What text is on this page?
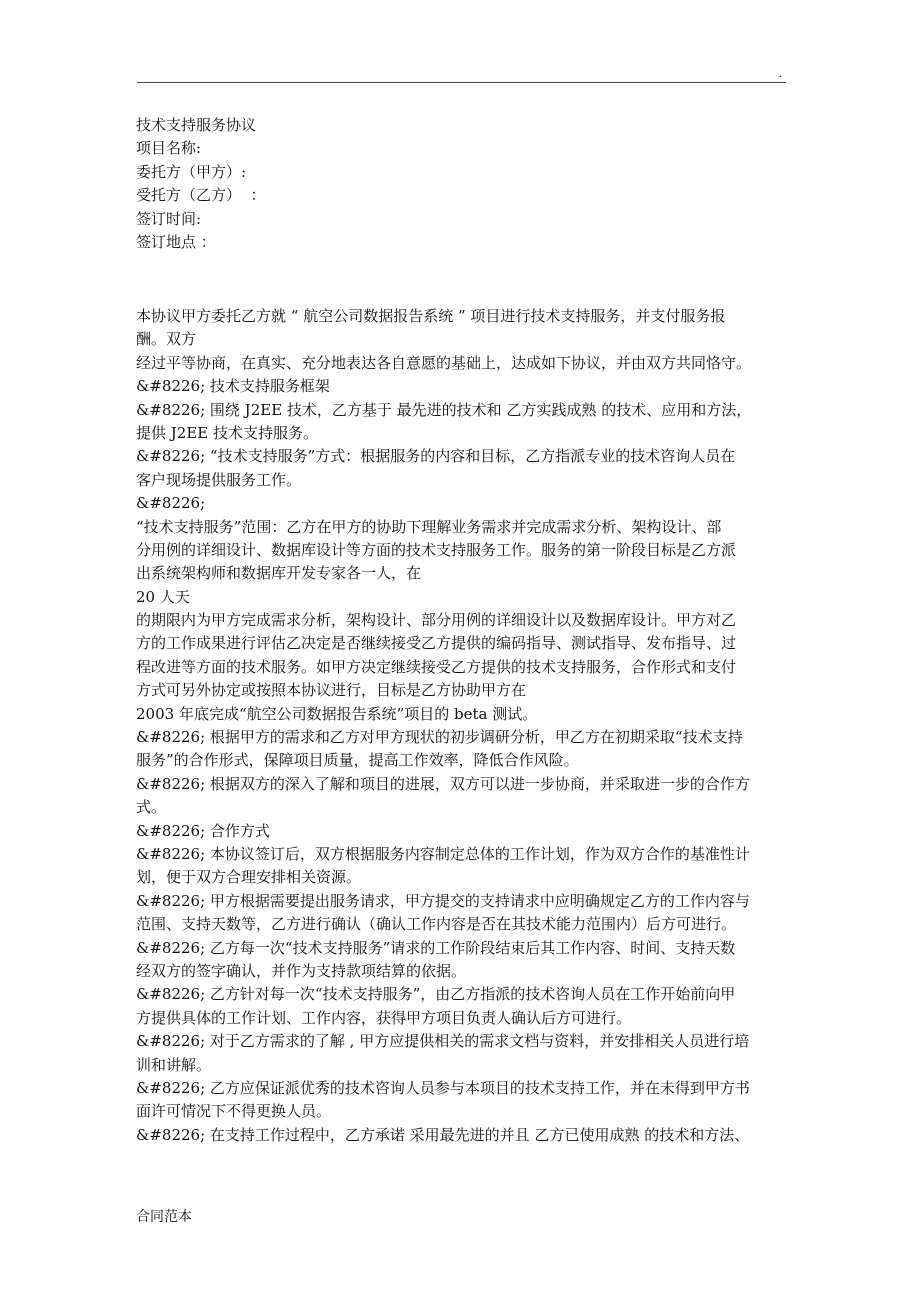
.
技术支持服务协议
项目名称:
委托方（甲方）:
受托方（乙方）  ：
签订时间:
签订地点 ：
本协议甲方委托乙方就 “ 航空公司数据报告系统 ” 项目进行技术支持服务，并支付服务报
酬。双方
经过平等协商，在真实、充分地表达各自意愿的基础上，达成如下协议，并由双方共同恪守。
&#8226; 技术支持服务框架
&#8226; 围绕 J2EE 技术，乙方基于 最先进的技术和 乙方实践成熟 的技术、应用和方法，
提供 J2EE 技术支持服务。
&#8226; “技术支持服务”方式：根据服务的内容和目标，乙方指派专业的技术咨询人员在
客户现场提供服务工作。
&#8226;
“技术支持服务”范围：乙方在甲方的协助下理解业务需求并完成需求分析、架构设计、部
分用例的详细设计、数据库设计等方面的技术支持服务工作。服务的第一阶段目标是乙方派
出系统架构师和数据库开发专家各一人，在
20 人天
的期限内为甲方完成需求分析，架构设计、部分用例的详细设计以及数据库设计。甲方对乙
方的工作成果进行评估乙决定是否继续接受乙方提供的编码指导、测试指导、发布指导、过
程改进等方面的技术服务。如甲方决定继续接受乙方提供的技术支持服务，合作形式和支付
方式可另外协定或按照本协议进行，目标是乙方协助甲方在
2003 年底完成“航空公司数据报告系统”项目的 beta 测试。
&#8226; 根据甲方的需求和乙方对甲方现状的初步调研分析，甲乙方在初期采取“技术支持
服务”的合作形式，保障项目质量，提高工作效率，降低合作风险。
&#8226; 根据双方的深入了解和项目的进展，双方可以进一步协商，并采取进一步的合作方
式。
&#8226; 合作方式
&#8226; 本协议签订后，双方根据服务内容制定总体的工作计划，作为双方合作的基准性计
划，便于双方合理安排相关资源。
&#8226; 甲方根据需要提出服务请求，甲方提交的支持请求中应明确规定乙方的工作内容与
范围、支持天数等，乙方进行确认（确认工作内容是否在其技术能力范围内）后方可进行。
&#8226; 乙方每一次“技术支持服务”请求的工作阶段结束后其工作内容、时间、支持天数
经双方的签字确认，并作为支持款项结算的依据。
&#8226; 乙方针对每一次“技术支持服务”，由乙方指派的技术咨询人员在工作开始前向甲
方提供具体的工作计划、工作内容，获得甲方项目负责人确认后方可进行。
&#8226; 对于乙方需求的了解 , 甲方应提供相关的需求文档与资料，并安排相关人员进行培
训和讲解。
&#8226; 乙方应保证派优秀的技术咨询人员参与本项目的技术支持工作，并在未得到甲方书
面许可情况下不得更换人员。
&#8226; 在支持工作过程中，乙方承诺 采用最先进的并且 乙方已使用成熟 的技术和方法、
合同范本
